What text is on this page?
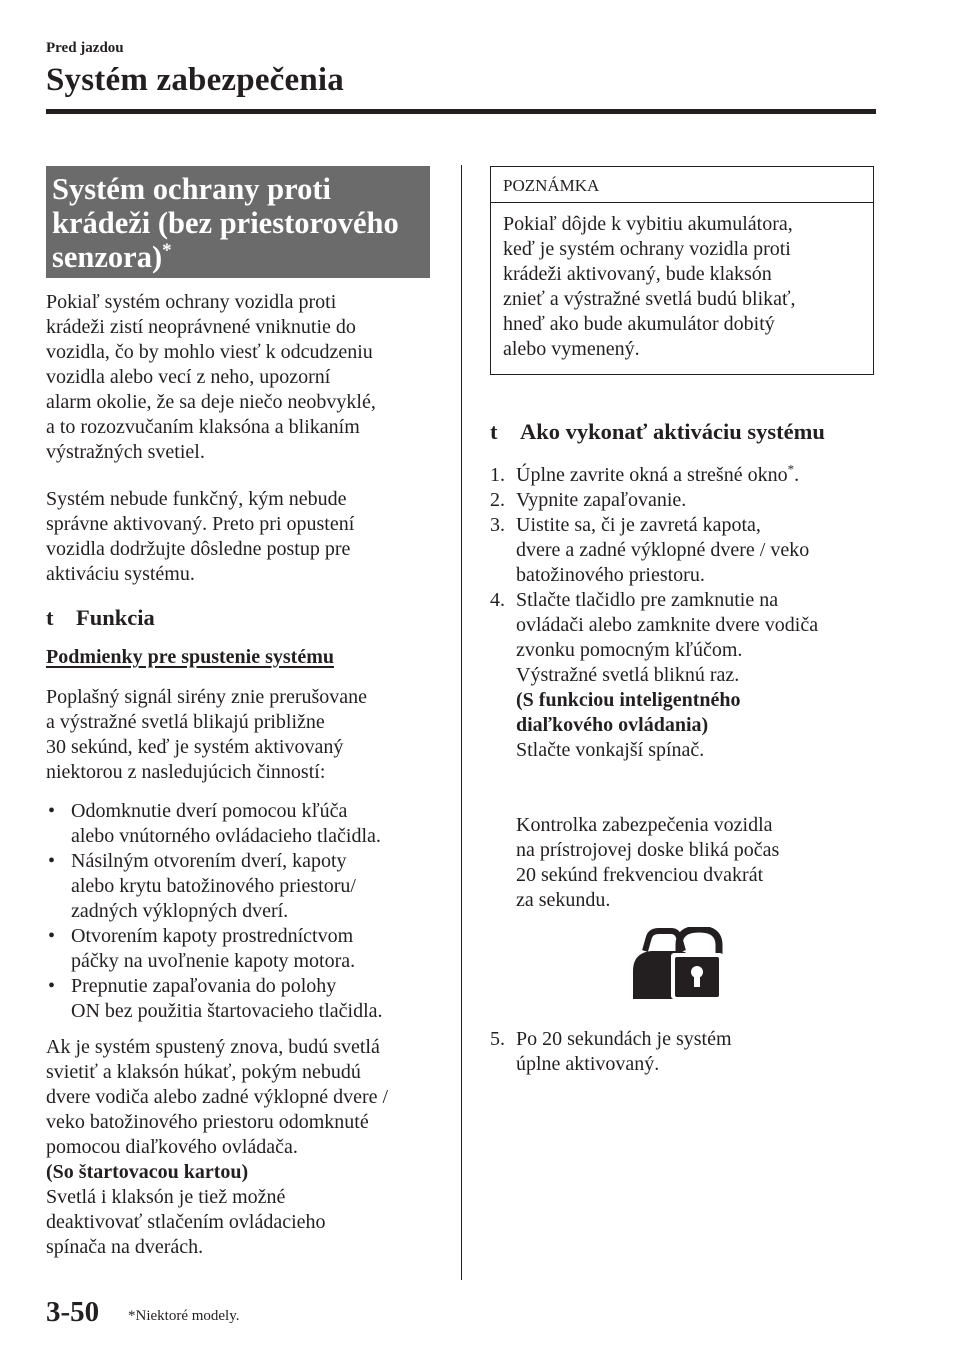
Pred jazdou
Systém zabezpečenia
Systém ochrany proti
krádeži (bez priestorového
senzora)*
Pokiaľ systém ochrany vozidla proti
krádeži zistí neoprávnené vniknutie do
vozidla, čo by mohlo viesť k odcudzeniu
vozidla alebo vecí z neho, upozorní
alarm okolie, že sa deje niečo neobvyklé,
a to rozozvučaním klaksóna a blikaním
výstražných svetiel.
Systém nebude funkčný, kým nebude
správne aktivovaný. Preto pri opustení
vozidla dodržujte dôsledne postup pre
aktiváciu systému.
t Funkcia
Podmienky pre spustenie systému
Poplašný signál sirény znie prerušovane
a výstražné svetlá blikajú približne
30 sekúnd, keď je systém aktivovaný
niektorou z nasledujúcich činností:
• Odomknutie dverí pomocou kľúča
alebo vnútorného ovládacieho tlačidla.
• Násilným otvorením dverí, kapoty
alebo krytu batožinového priestoru/
zadných výklopných dverí.
• Otvorením kapoty prostredníctvom
páčky na uvoľnenie kapoty motora.
• Prepnutie zapaľovania do polohy
ON bez použitia štartovacieho tlačidla.
Ak je systém spustený znova, budú svetlá
svietiť a klaksón húkať, pokým nebudú
dvere vodiča alebo zadné výklopné dvere /
veko batožinového priestoru odomknuté
pomocou diaľkového ovládača.
(So štartovacou kartou)
Svetlá i klaksón je tiež možné
deaktivovať stlačením ovládacieho
spínača na dverách.
POZNÁMKA
Pokiaľ dôjde k vybitiu akumulátora,
keď je systém ochrany vozidla proti
krádeži aktivovaný, bude klaksón
znieť a výstražné svetlá budú blikať,
hneď ako bude akumulátor dobitý
alebo vymenený.
t Ako vykonať aktiváciu systému
1. Úplne zavrite okná a strešné okno*.
2. Vypnite zapaľovanie.
3. Uistite sa, či je zavretá kapota,
dvere a zadné výklopné dvere / veko
batožinového priestoru.
4. Stlačte tlačidlo pre zamknutie na
ovládači alebo zamknite dvere vodiča
zvonku pomocným kľúčom.
Výstražné svetlá bliknú raz.
(S funkciou inteligentného
diaľkového ovládania)
Stlačte vonkajší spínač.
Kontrolka zabezpečenia vozidla
na prístrojovej doske bliká počas
20 sekúnd frekvenciou dvakrát
za sekundu.
5. Po 20 sekundách je systém
úplne aktivovaný.
3-50 *Niektoré modely.
